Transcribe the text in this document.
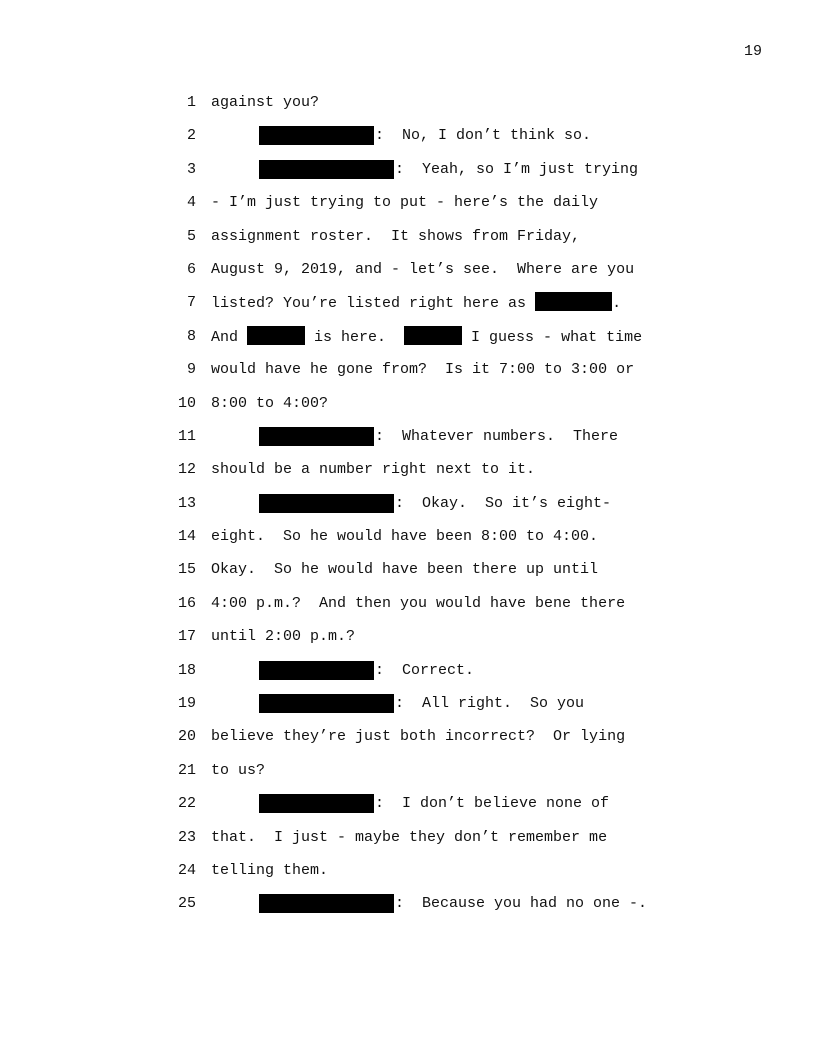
19

1

against you?

2

	:  No, I don’t think so.

3

	:  Yeah, so I’m just trying

4

- I’m just trying to put - here’s the daily

5

assignment roster.  It shows from Friday,

6

August 9, 2019, and - let’s see.  Where are you

7

listed? You’re listed right here as	.

8

And	is here.	I guess - what time

9

would have he gone from?  Is it 7:00 to 3:00 or

10

8:00 to 4:00?

11

	:  Whatever numbers.  There

12

should be a number right next to it.

13

	:  Okay.  So it’s eight-

14

eight.  So he would have been 8:00 to 4:00.

15

Okay.  So he would have been there up until

16

4:00 p.m.?  And then you would have bene there

17

until 2:00 p.m.?

18

	:  Correct.

19

	:  All right.  So you

20

believe they’re just both incorrect?  Or lying

21

to us?

22

	:  I don’t believe none of

23

that.  I just - maybe they don’t remember me

24

telling them.

25

	:  Because you had no one -.
